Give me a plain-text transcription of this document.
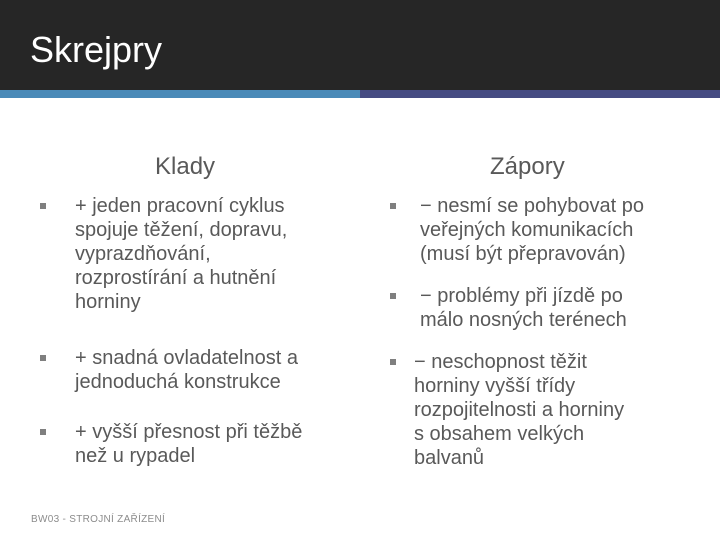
Skrejpry
Klady	Zápory
+ jeden pracovní cyklus
spojuje těžení, dopravu,
vyprazdňování,
rozprostírání a hutnění
horniny
+ snadná ovladatelnost a
jednoduchá konstrukce
+ vyšší přesnost při těžbě
než u rypadel
− nesmí se pohybovat po
veřejných komunikacích
(musí být přepravován)
− problémy při jízdě po
málo nosných terénech
− neschopnost těžit
horniny vyšší třídy
rozpojitelnosti a horniny
s obsahem velkých
balvanů
BW03 - STROJNÍ ZAŘÍZENÍ
